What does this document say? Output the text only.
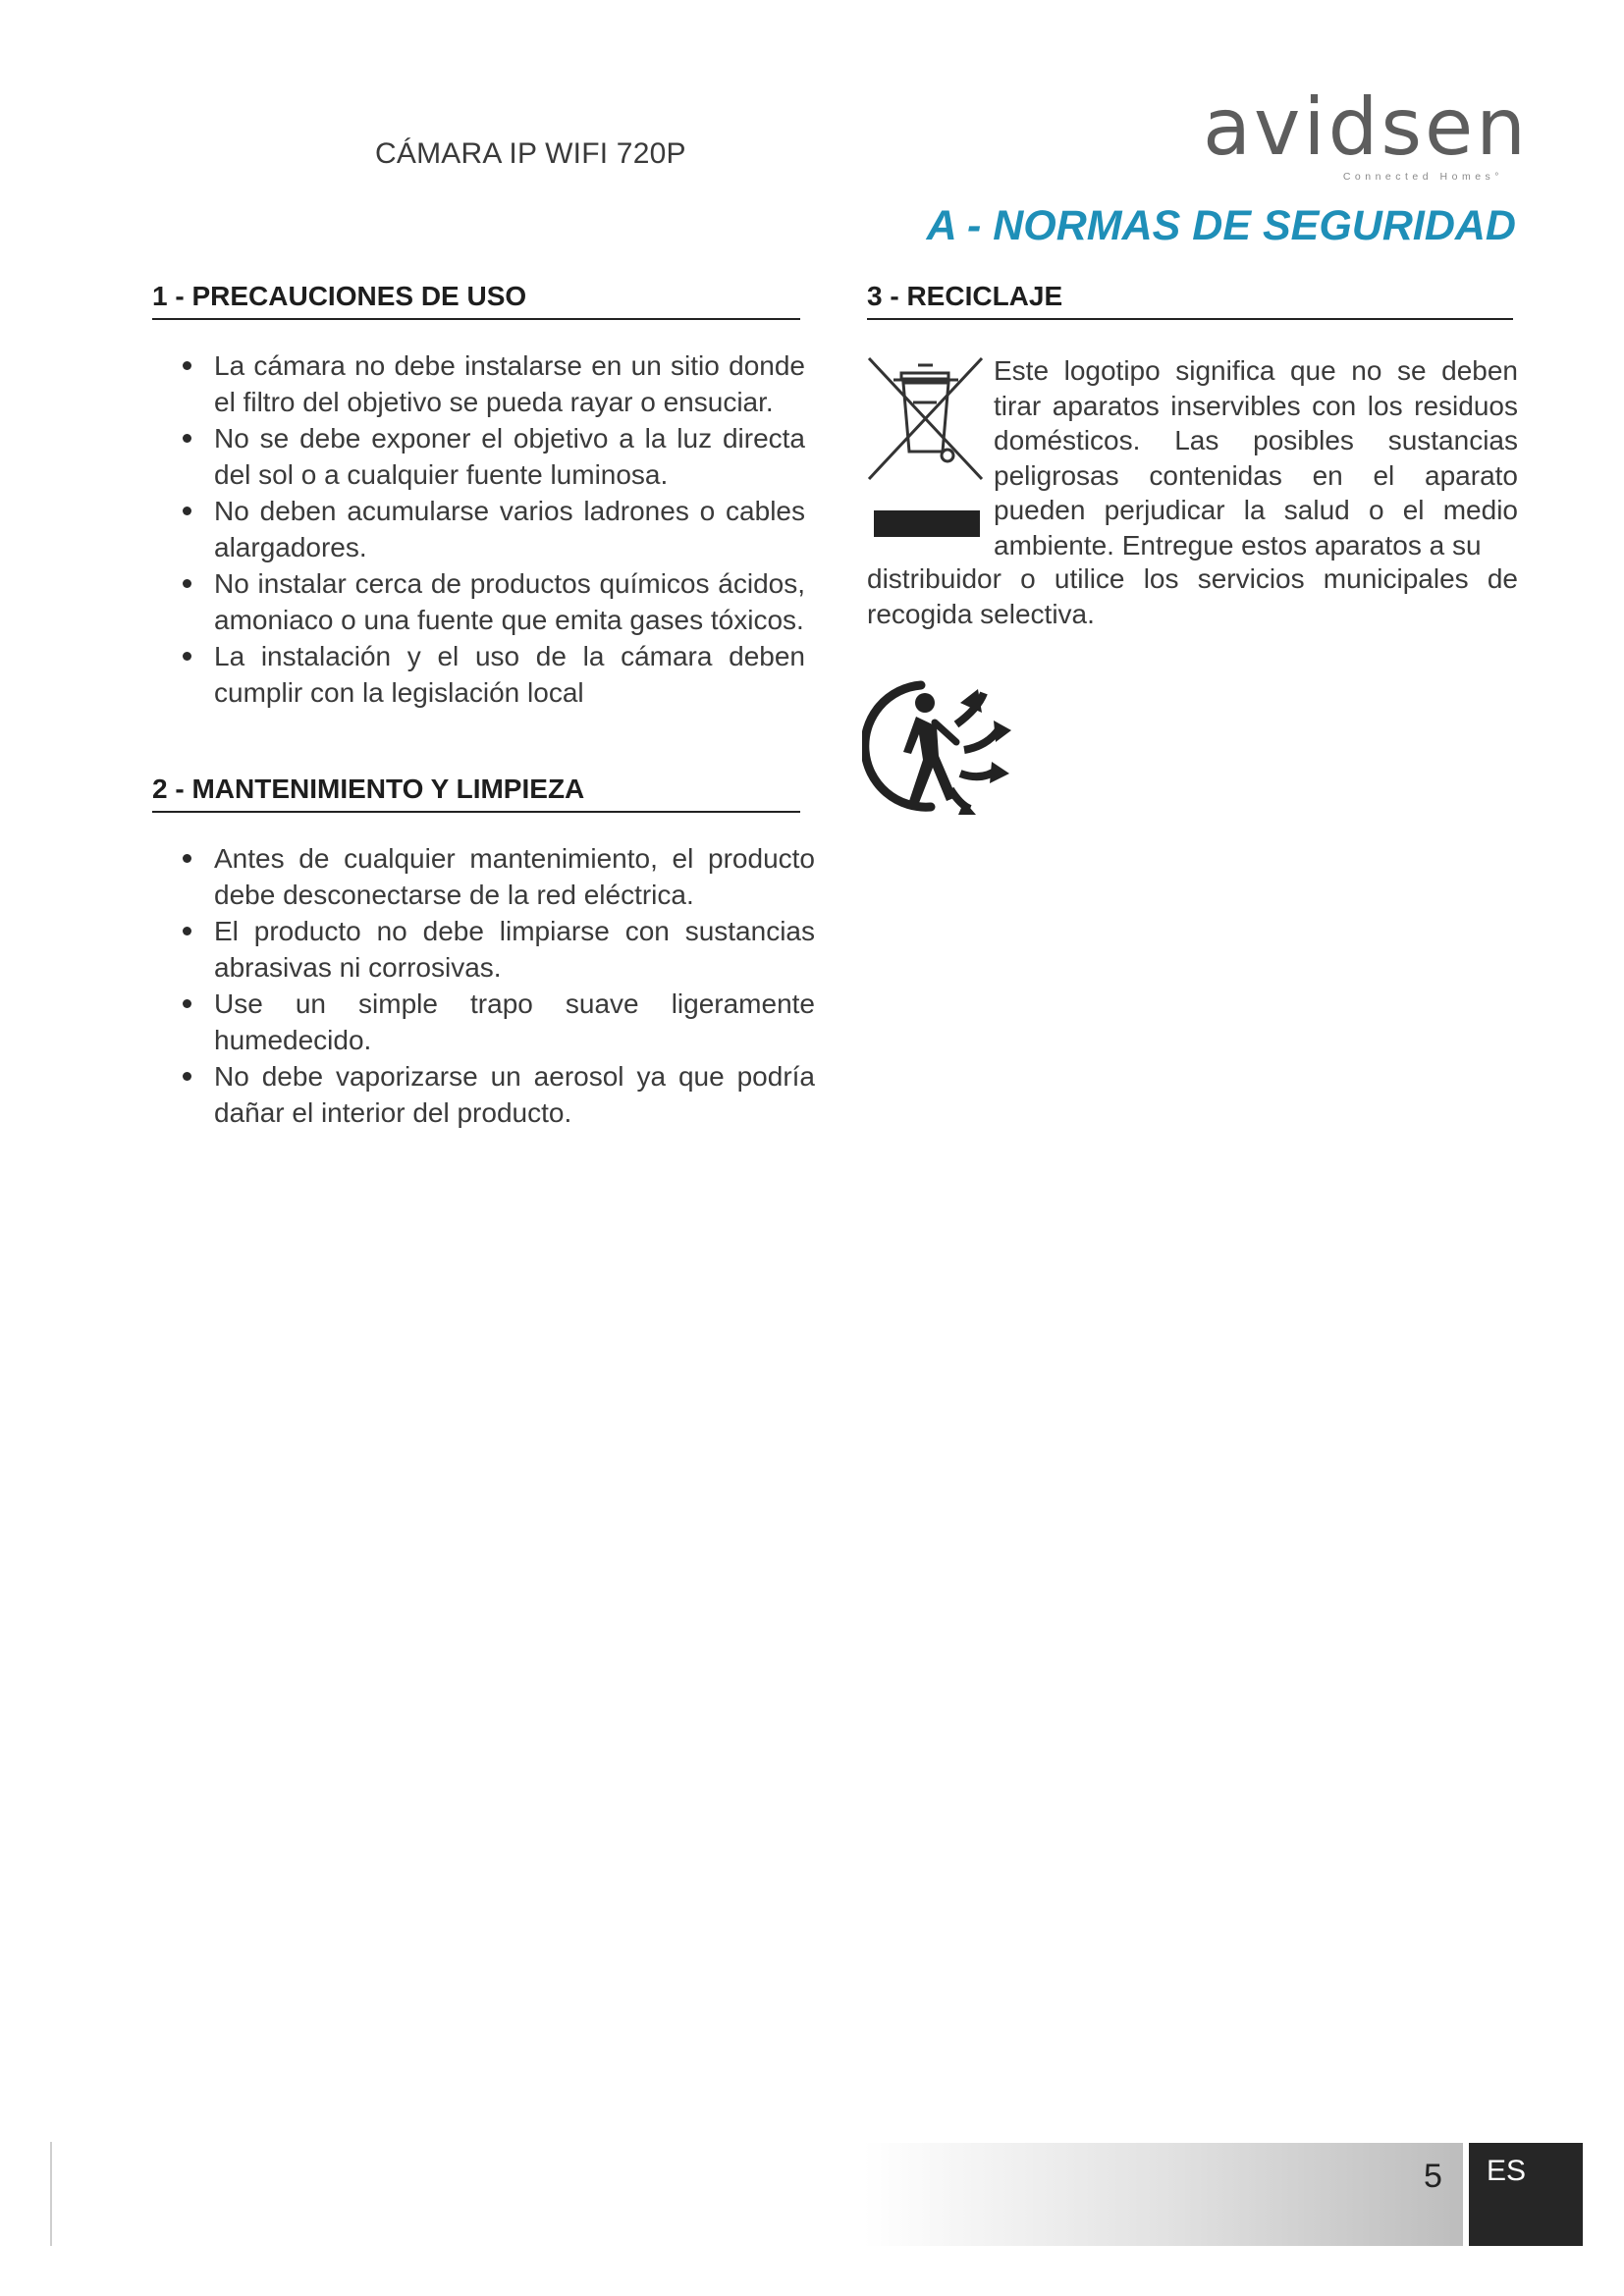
CÁMARA IP WIFI 720P	avidsen
Connected Homes°
A - NORMAS DE SEGURIDAD
1 - PRECAUCIONES DE USO
La cámara no debe instalarse en un sitio donde el filtro del objetivo se pueda rayar o ensuciar.
No se debe exponer el objetivo a la luz directa del sol o a cualquier fuente luminosa.
No deben acumularse varios ladrones o cables alargadores.
No instalar cerca de productos químicos ácidos, amoniaco o una fuente que emita gases tóxicos.
La instalación y el uso de la cámara deben cumplir con la legislación local
2 - MANTENIMIENTO Y LIMPIEZA
Antes de cualquier mantenimiento, el producto debe desconectarse de la red eléctrica.
El producto no debe limpiarse con sustancias abrasivas ni corrosivas.
Use un simple trapo suave ligeramente humedecido.
No debe vaporizarse un aerosol ya que podría dañar el interior del producto.
3 - RECICLAJE
Este logotipo significa que no se deben tirar aparatos inservibles con los residuos domésticos. Las posibles sustancias peligrosas contenidas en el aparato pueden perjudicar la salud o el medio ambiente. Entregue estos aparatos a su
distribuidor o utilice los servicios municipales de recogida selectiva.
5 ES
